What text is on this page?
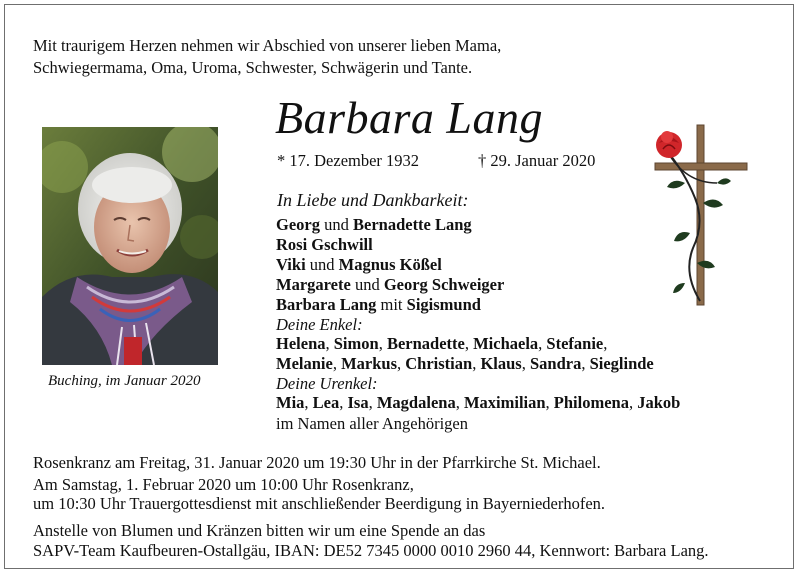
Mit traurigem Herzen nehmen wir Abschied von unserer lieben Mama,
Schwiegermama, Oma, Uroma, Schwester, Schwägerin und Tante.
Barbara Lang
* 17. Dezember 1932	† 29. Januar 2020
Buching, im Januar 2020
In Liebe und Dankbarkeit:
Georg und Bernadette Lang
Rosi Gschwill
Viki und Magnus Kößel
Margarete und Georg Schweiger
Barbara Lang mit Sigismund
Deine Enkel:
Helena, Simon, Bernadette, Michaela, Stefanie,
Melanie, Markus, Christian, Klaus, Sandra, Sieglinde
Deine Urenkel:
Mia, Lea, Isa, Magdalena, Maximilian, Philomena, Jakob
im Namen aller Angehörigen
Rosenkranz am Freitag, 31. Januar 2020 um 19:30 Uhr in der Pfarrkirche St. Michael.
Am Samstag, 1. Februar 2020 um 10:00 Uhr Rosenkranz,
um 10:30 Uhr Trauergottesdienst mit anschließender Beerdigung in Bayerniederhofen.
Anstelle von Blumen und Kränzen bitten wir um eine Spende an das
SAPV-Team Kaufbeuren-Ostallgäu, IBAN: DE52 7345 0000 0010 2960 44, Kennwort: Barbara Lang.
